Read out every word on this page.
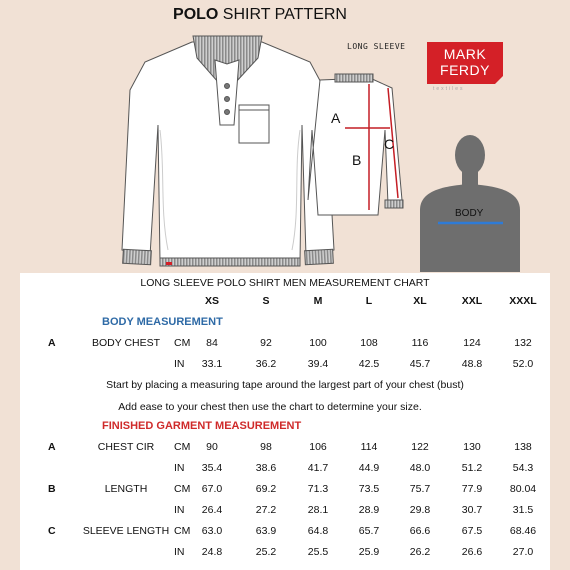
POLO SHIRT PATTERN
LONG SLEEVE	MARK
FERDY
textiles
A
B
C
BODY
LONG SLEEVE POLO SHIRT MEN MEASUREMENT CHART
XS	S	M	L	XL	XXL	XXXL
BODY MEASUREMENT
A	BODY CHEST	CM	84	92	100	108	116	124	132
IN	33.1	36.2	39.4	42.5	45.7	48.8	52.0
Start by placing a measuring tape around the largest part of your chest (bust)
Add ease to your chest then use the chart to determine your size.
FINISHED GARMENT MEASUREMENT
A	CHEST CIR	CM	90	98	106	114	122	130	138
IN	35.4	38.6	41.7	44.9	48.0	51.2	54.3
B	LENGTH	CM	67.0	69.2	71.3	73.5	75.7	77.9	80.04
IN	26.4	27.2	28.1	28.9	29.8	30.7	31.5
C	SLEEVE LENGTH CM	63.0	63.9	64.8	65.7	66.6	67.5	68.46
IN	24.8	25.2	25.5	25.9	26.2	26.6	27.0
